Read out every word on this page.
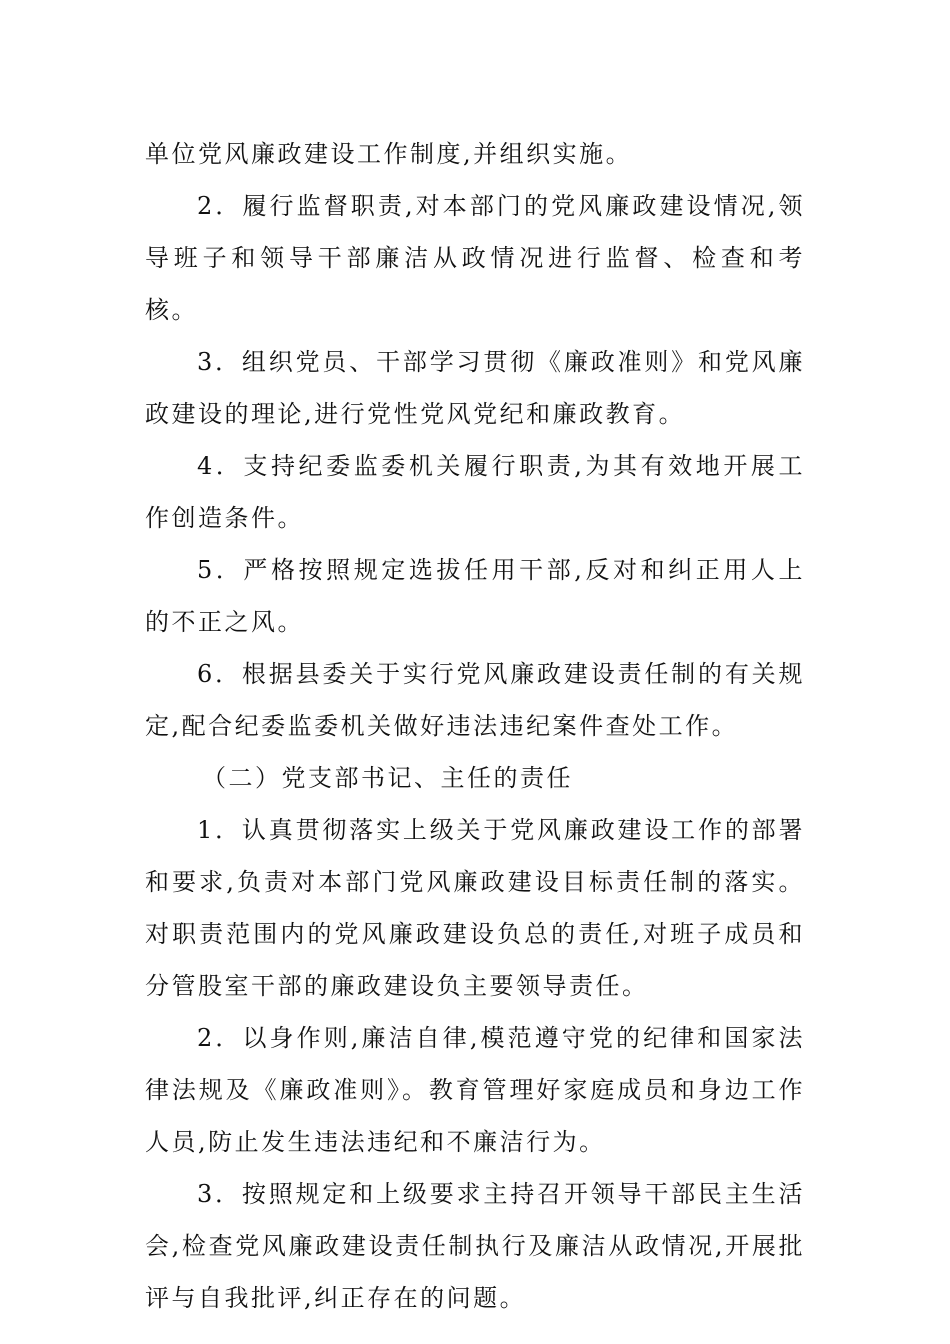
单位党风廉政建设工作制度,并组织实施。

2．履行监督职责,对本部门的党风廉政建设情况,领导班子和领导干部廉洁从政情况进行监督、检查和考核。

3．组织党员、干部学习贯彻《廉政准则》和党风廉政建设的理论,进行党性党风党纪和廉政教育。

4．支持纪委监委机关履行职责,为其有效地开展工作创造条件。

5．严格按照规定选拔任用干部,反对和纠正用人上的不正之风。

6．根据县委关于实行党风廉政建设责任制的有关规定,配合纪委监委机关做好违法违纪案件查处工作。

（二）党支部书记、主任的责任

1．认真贯彻落实上级关于党风廉政建设工作的部署和要求,负责对本部门党风廉政建设目标责任制的落实。对职责范围内的党风廉政建设负总的责任,对班子成员和分管股室干部的廉政建设负主要领导责任。

2．以身作则,廉洁自律,模范遵守党的纪律和国家法律法规及《廉政准则》。教育管理好家庭成员和身边工作人员,防止发生违法违纪和不廉洁行为。

3．按照规定和上级要求主持召开领导干部民主生活会,检查党风廉政建设责任制执行及廉洁从政情况,开展批评与自我批评,纠正存在的问题。
